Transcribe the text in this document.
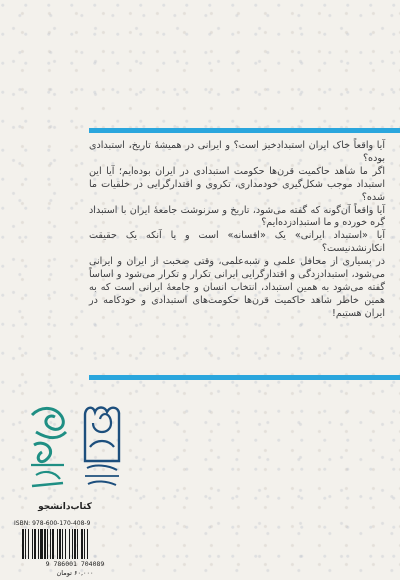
آیا واقعاً خاک ایران استبدادخیز است؟ و ایرانی در همیشهٔ تاریخ، استبدادی بوده؟

اگر ما شاهد حاکمیت قرن‌ها حکومت استبدادی در ایران بوده‌ایم؛ آیا این استبداد موجب شکل‌گیری خودمداری، تکروی و اقتدارگرایی در خلقیات ما شده؟

آیا واقعاً آن‌گونه که گفته می‌شود، تاریخ و سرنوشت جامعهٔ ایران با استبداد گره خورده و ما استبدادزده‌ایم؟

آیا «استبداد ایرانی» یک «افسانه» است و یا آنکه یک حقیقت انکارنشدنیست؟

در بسیاری از محافل علمی و شبه‌علمی، وقتی صحبت از ایران و ایرانی می‌شود، استبدادزدگی و اقتدارگرایی ایرانی تکرار و تکرار می‌شود و اساساً گفته می‌شود به همین استبداد، انتخاب انسان و جامعهٔ ایرانی است که به همین خاطر شاهد حاکمیت قرن‌ها حکومت‌های استبدادی و خودکامه در ایران هستیم!

کتاب‌دانشجو
ISBN: 978-600-170-408-9
9 786001 704089
۶۰,۰۰۰ تومان
